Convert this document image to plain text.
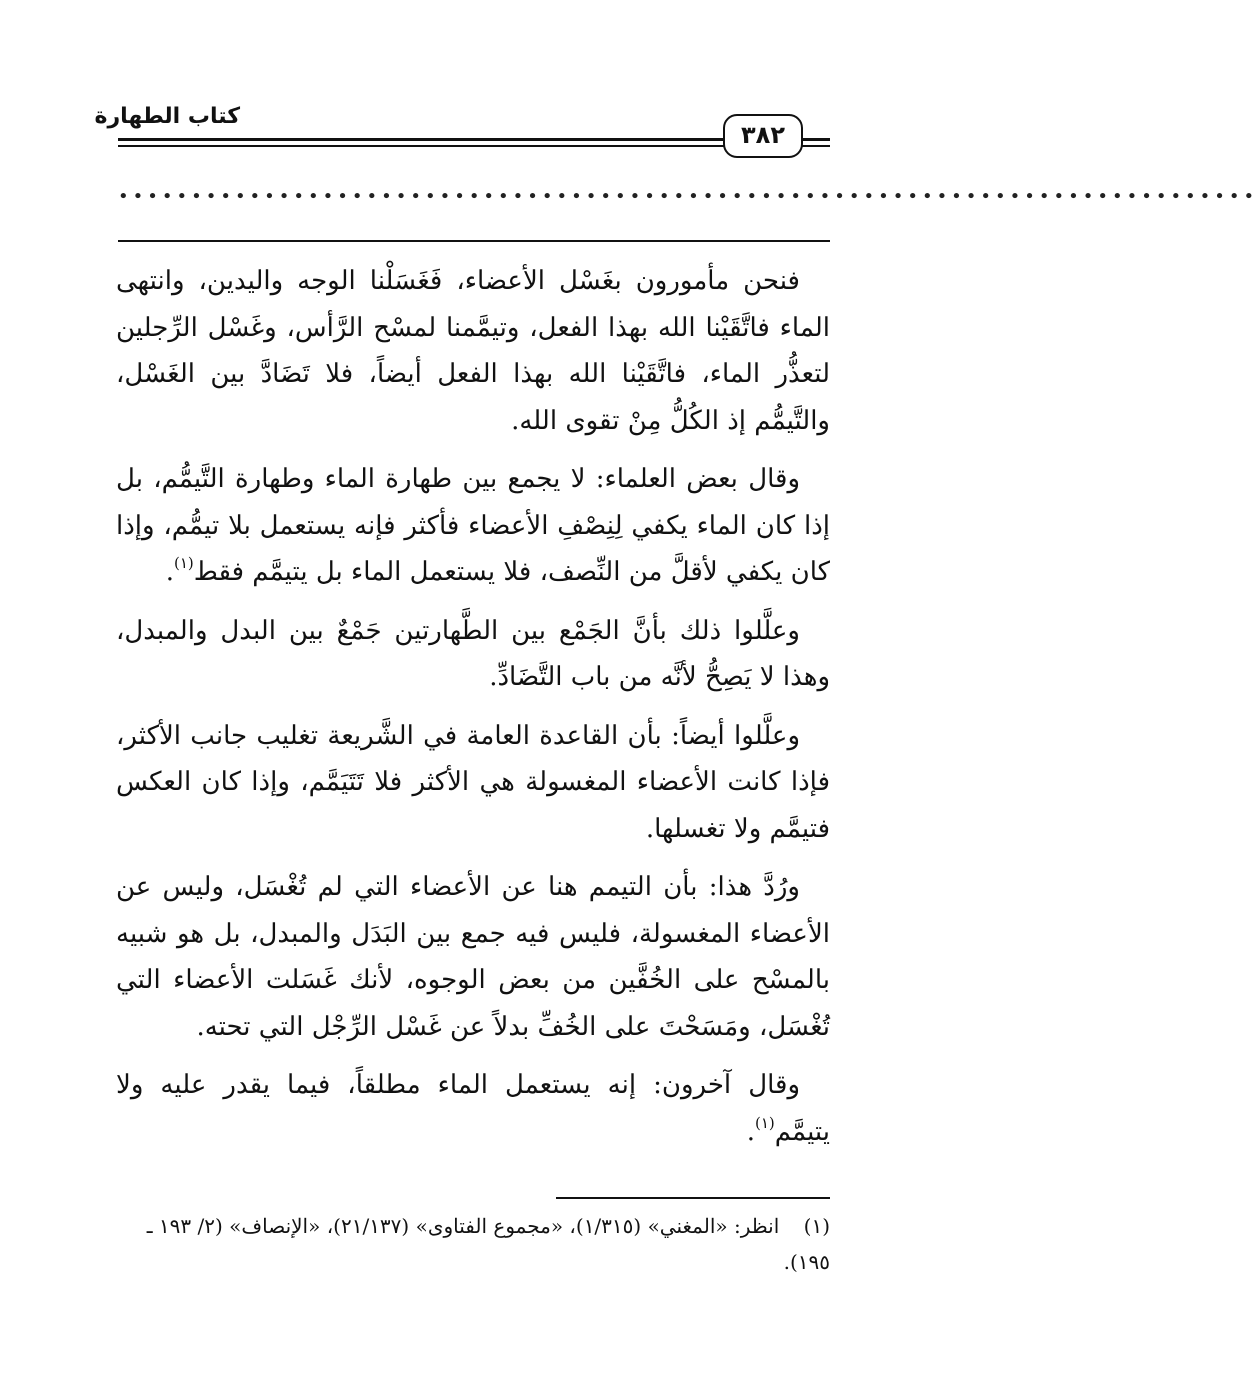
كتاب الطهارة
٣٨٢
••••••••••••••••••••••••••••••••••••••••••••••••••••••••••••••••••••••••••••••

فنحن مأمورون بغَسْل الأعضاء، فَغَسَلْنا الوجه واليدين، وانتهى الماء فاتَّقَيْنا الله بهذا الفعل، وتيمَّمنا لمسْح الرَّأس، وغَسْل الرِّجلين لتعذُّر الماء، فاتَّقَيْنا الله بهذا الفعل أيضاً، فلا تَضَادَّ بين الغَسْل، والتَّيمُّم إذ الكُلُّ مِنْ تقوى الله.

وقال بعض العلماء: لا يجمع بين طهارة الماء وطهارة التَّيمُّم، بل إذا كان الماء يكفي لِنِصْفِ الأعضاء فأكثر فإنه يستعمل بلا تيمُّم، وإذا كان يكفي لأقلَّ من النِّصف، فلا يستعمل الماء بل يتيمَّم فقط$^{(١)}$.

وعلَّلوا ذلك بأنَّ الجَمْع بين الطَّهارتين جَمْعٌ بين البدل والمبدل، وهذا لا يَصِحُّ لأنَّه من باب التَّضَادِّ.

وعلَّلوا أيضاً: بأن القاعدة العامة في الشَّريعة تغليب جانب الأكثر، فإذا كانت الأعضاء المغسولة هي الأكثر فلا تَتَيَمَّم، وإذا كان العكس فتيمَّم ولا تغسلها.

ورُدَّ هذا: بأن التيمم هنا عن الأعضاء التي لم تُغْسَل، وليس عن الأعضاء المغسولة، فليس فيه جمع بين البَدَل والمبدل، بل هو شبيه بالمسْح على الخُفَّين من بعض الوجوه، لأنك غَسَلت الأعضاء التي تُغْسَل، ومَسَحْتَ على الخُفِّ بدلاً عن غَسْل الرِّجْل التي تحته.

وقال آخرون: إنه يستعمل الماء مطلقاً، فيما يقدر عليه ولا يتيمَّم$^{(١)}$.

(١) انظر: «المغني» (١/٣١٥)، «مجموع الفتاوى» (٢١/١٣٧)، «الإنصاف» (٢/ ١٩٣ ـ ١٩٥).
